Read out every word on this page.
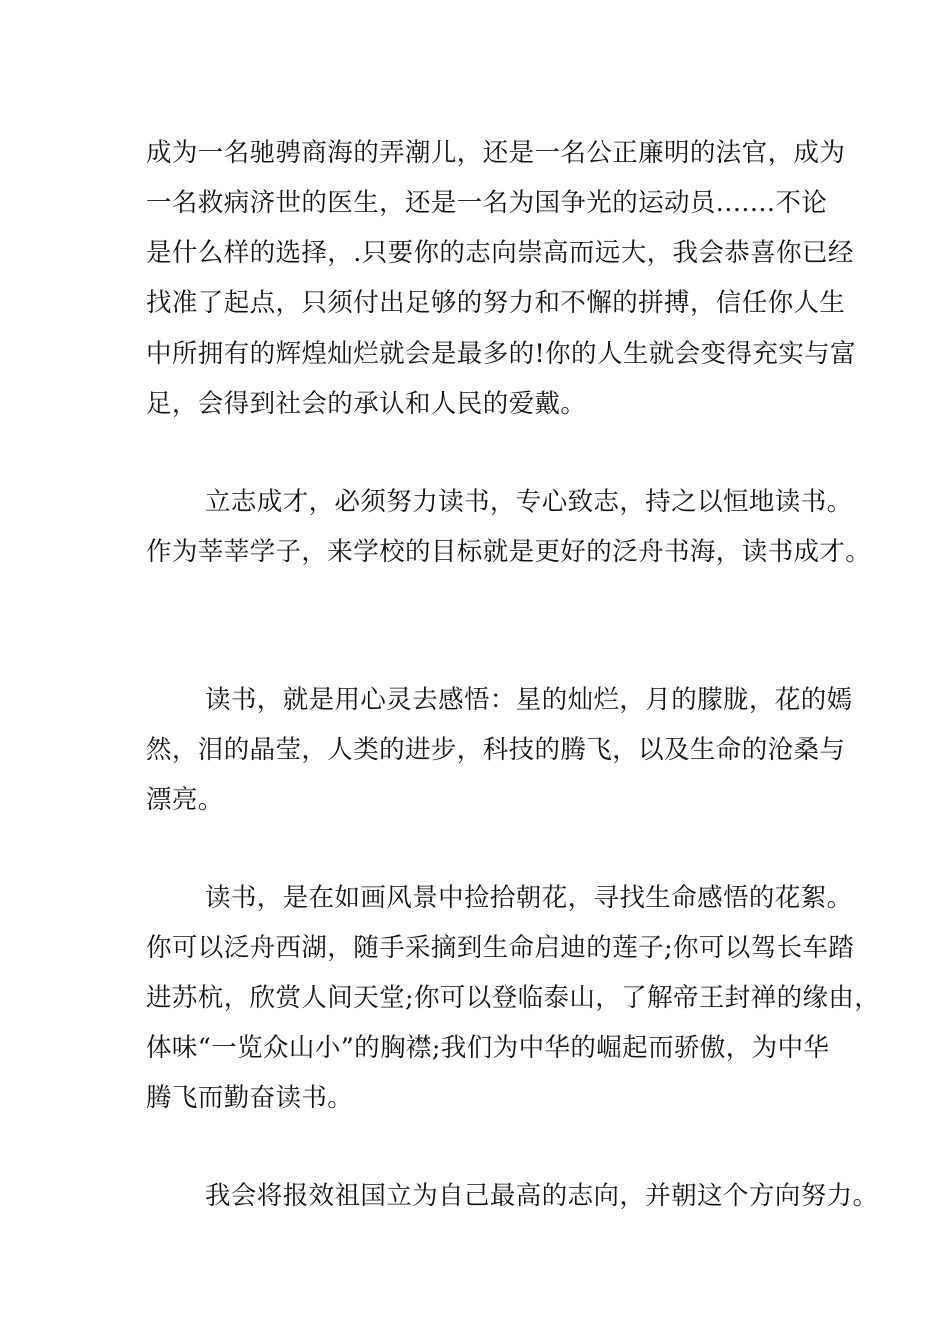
成为一名驰骋商海的弄潮儿，还是一名公正廉明的法官，成为
一名救病济世的医生，还是一名为国争光的运动员.......不论
是什么样的选择，.只要你的志向崇高而远大，我会恭喜你已经
找准了起点，只须付出足够的努力和不懈的拼搏，信任你人生
中所拥有的辉煌灿烂就会是最多的!你的人生就会变得充实与富
足，会得到社会的承认和人民的爱戴。
立志成才，必须努力读书，专心致志，持之以恒地读书。
作为莘莘学子，来学校的目标就是更好的泛舟书海，读书成才。
读书，就是用心灵去感悟：星的灿烂，月的朦胧，花的嫣
然，泪的晶莹，人类的进步，科技的腾飞，以及生命的沧桑与
漂亮。
读书，是在如画风景中捡拾朝花，寻找生命感悟的花絮。
你可以泛舟西湖，随手采摘到生命启迪的莲子;你可以驾长车踏
进苏杭，欣赏人间天堂;你可以登临泰山，了解帝王封禅的缘由，
体味“一览众山小”的胸襟;我们为中华的崛起而骄傲，为中华
腾飞而勤奋读书。
我会将报效祖国立为自己最高的志向，并朝这个方向努力。
